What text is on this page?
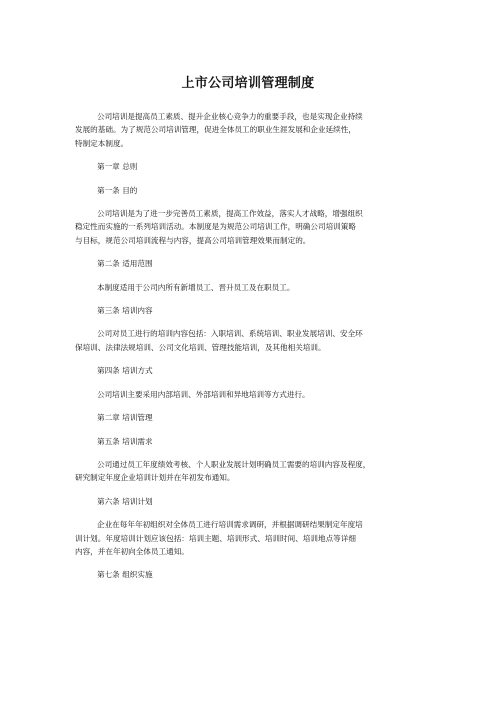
上市公司培训管理制度

公司培训是提高员工素质、提升企业核心竞争力的重要手段，也是实现企业持续

发展的基础。为了规范公司培训管理，促进全体员工的职业生涯发展和企业延续性，

特制定本制度。

第一章 总则

第一条 目的

公司培训是为了进一步完善员工素质，提高工作效益，落实人才战略，增强组织

稳定性而实施的一系列培训活动。本制度是为规范公司培训工作，明确公司培训策略

与目标，规范公司培训流程与内容，提高公司培训管理效果而制定的。

第二条 适用范围

本制度适用于公司内所有新增员工、晋升员工及在职员工。

第三条 培训内容

公司对员工进行的培训内容包括：入职培训、系统培训、职业发展培训、安全环

保培训、法律法规培训、公司文化培训、管理技能培训，及其他相关培训。

第四条 培训方式

公司培训主要采用内部培训、外部培训和异地培训等方式进行。

第二章 培训管理

第五条 培训需求

公司通过员工年度绩效考核、个人职业发展计划明确员工需要的培训内容及程度，

研究制定年度企业培训计划并在年初发布通知。

第六条 培训计划

企业在每年年初组织对全体员工进行培训需求调研，并根据调研结果制定年度培

训计划。年度培训计划应该包括：培训主题、培训形式、培训时间、培训地点等详细

内容，并在年初向全体员工通知。

第七条 组织实施
